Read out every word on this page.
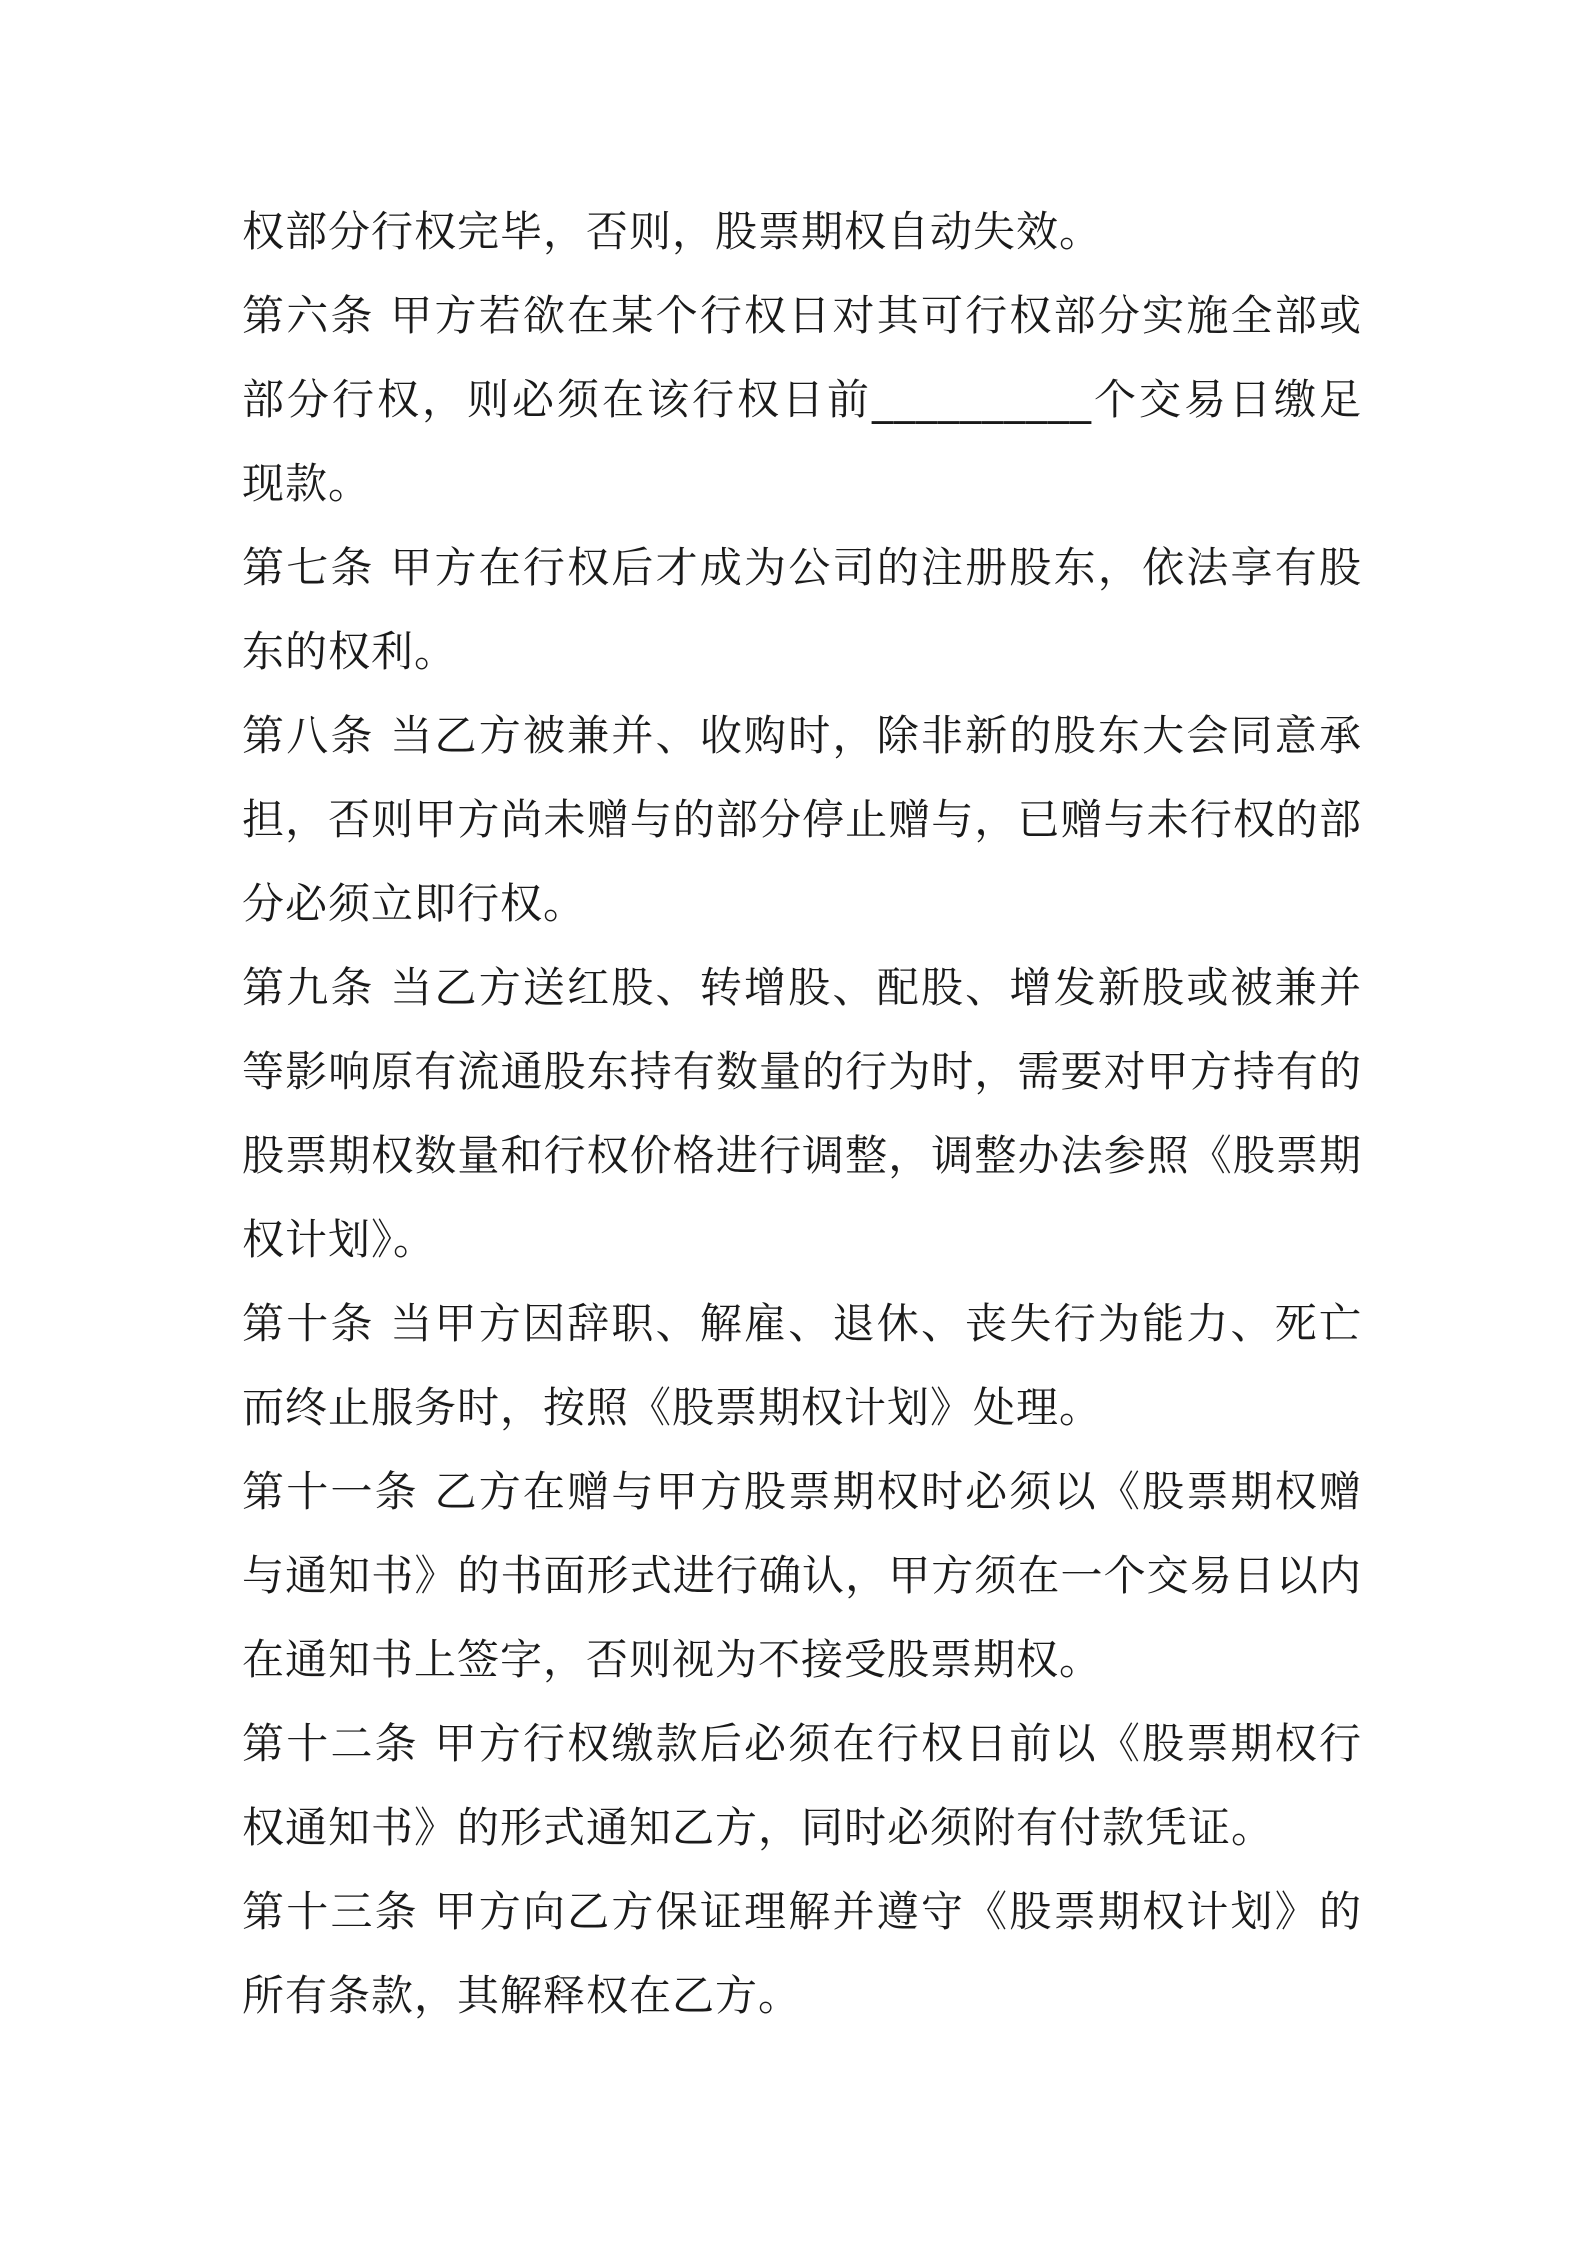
权部分行权完毕，否则，股票期权自动失效。

第六条 甲方若欲在某个行权日对其可行权部分实施全部或部分行权，则必须在该行权日前__________个交易日缴足现款。

第七条 甲方在行权后才成为公司的注册股东，依法享有股东的权利。

第八条 当乙方被兼并、收购时，除非新的股东大会同意承担，否则甲方尚未赠与的部分停止赠与，已赠与未行权的部分必须立即行权。

第九条 当乙方送红股、转增股、配股、增发新股或被兼并等影响原有流通股东持有数量的行为时，需要对甲方持有的股票期权数量和行权价格进行调整，调整办法参照《股票期权计划》。

第十条 当甲方因辞职、解雇、退休、丧失行为能力、死亡而终止服务时，按照《股票期权计划》处理。

第十一条 乙方在赠与甲方股票期权时必须以《股票期权赠与通知书》的书面形式进行确认，甲方须在一个交易日以内在通知书上签字，否则视为不接受股票期权。

第十二条 甲方行权缴款后必须在行权日前以《股票期权行权通知书》的形式通知乙方，同时必须附有付款凭证。

第十三条 甲方向乙方保证理解并遵守《股票期权计划》的所有条款，其解释权在乙方。
